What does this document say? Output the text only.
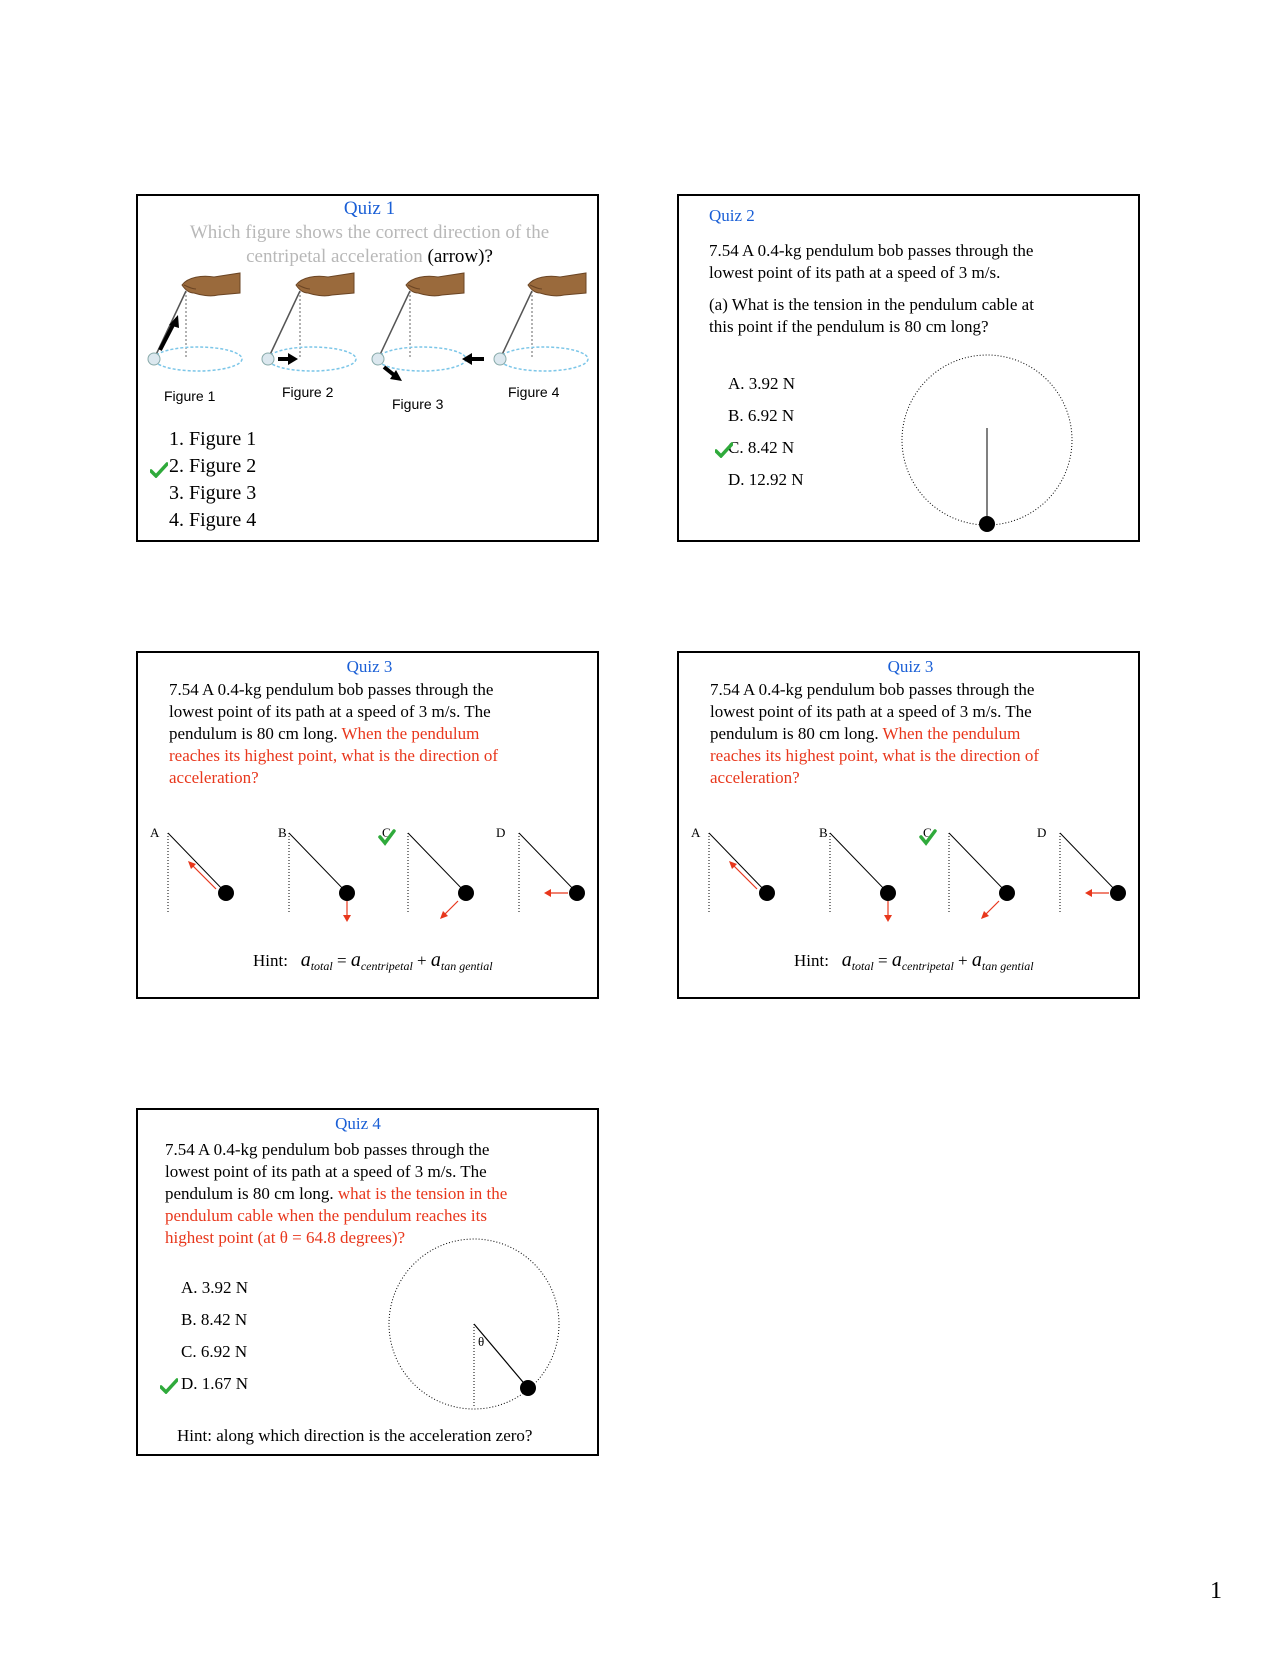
Quiz 1
Which figure shows the correct direction of the
centripetal acceleration (arrow)?
Figure 1	Figure 2
Figure 3
Figure 4
1. Figure 1
2. Figure 2
3. Figure 3
4. Figure 4
Quiz 2
7.54 A 0.4-kg pendulum bob passes through the
lowest point of its path at a speed of 3 m/s.
(a) What is the tension in the pendulum cable at
this point if the pendulum is 80 cm long?
A. 3.92 N
B. 6.92 N
C. 8.42 N
D. 12.92 N
Quiz 3
7.54 A 0.4-kg pendulum bob passes through the
lowest point of its path at a speed of 3 m/s. The
pendulum is 80 cm long. When the pendulum
reaches its highest point, what is the direction of
acceleration?
A	B	C	D
Hint: $a_{total} = a_{centripetal} + a_{tan gential}$
Quiz 3
7.54 A 0.4-kg pendulum bob passes through the
lowest point of its path at a speed of 3 m/s. The
pendulum is 80 cm long. When the pendulum
reaches its highest point, what is the direction of
acceleration?
A	B	C	D
Hint: $a_{total} = a_{centripetal} + a_{tan gential}$
Quiz 4
7.54 A 0.4-kg pendulum bob passes through the
lowest point of its path at a speed of 3 m/s. The
pendulum is 80 cm long. what is the tension in the
pendulum cable when the pendulum reaches its
highest point (at θ = 64.8 degrees)?
A. 3.92 N
B. 8.42 N
C. 6.92 N
D. 1.67 N
θ
Hint: along which direction is the acceleration zero?
1
